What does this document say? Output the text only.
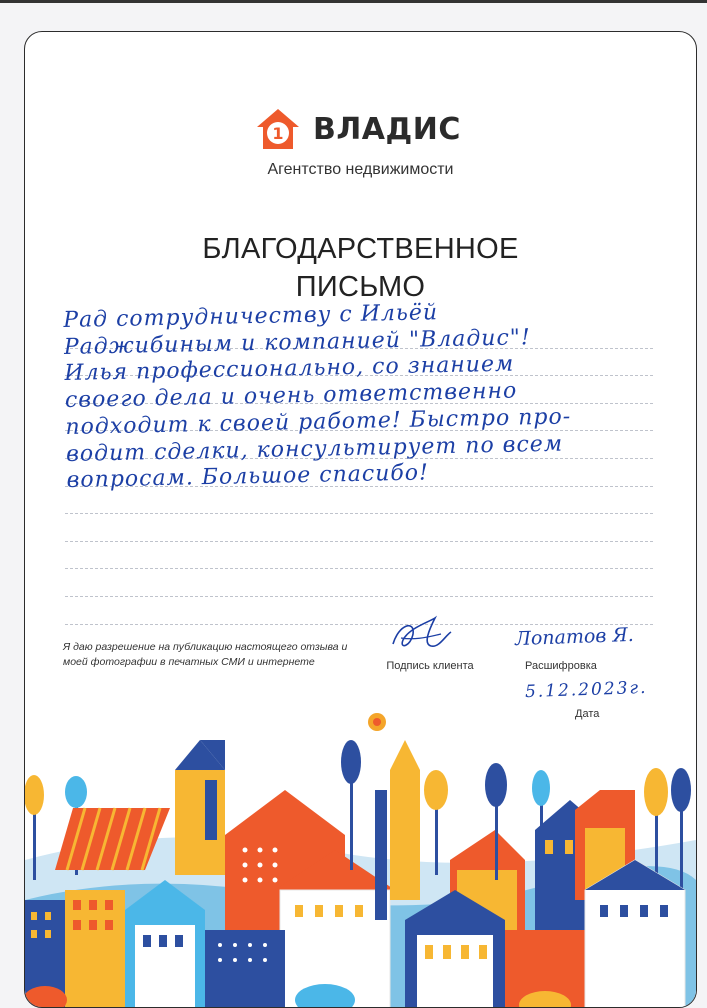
1 ВЛАДИС
Агентство недвижимости
БЛАГОДАРСТВЕННОЕ
ПИСЬМО
Рад сотрудничеству с Ильёй
Раджибиным и компанией "Владис"!
Илья профессионально, со знанием
своего дела и очень ответственно
подходит к своей работе! Быстро про-
водит сделки, консультирует по всем
вопросам. Большое спасибо!
Я даю разрешение на публикацию настоящего отзыва и моей фотографии в печатных СМИ и интернете	Подпись клиента
Лопатов Я.
Расшифровка
5.12.2023г.
Дата
